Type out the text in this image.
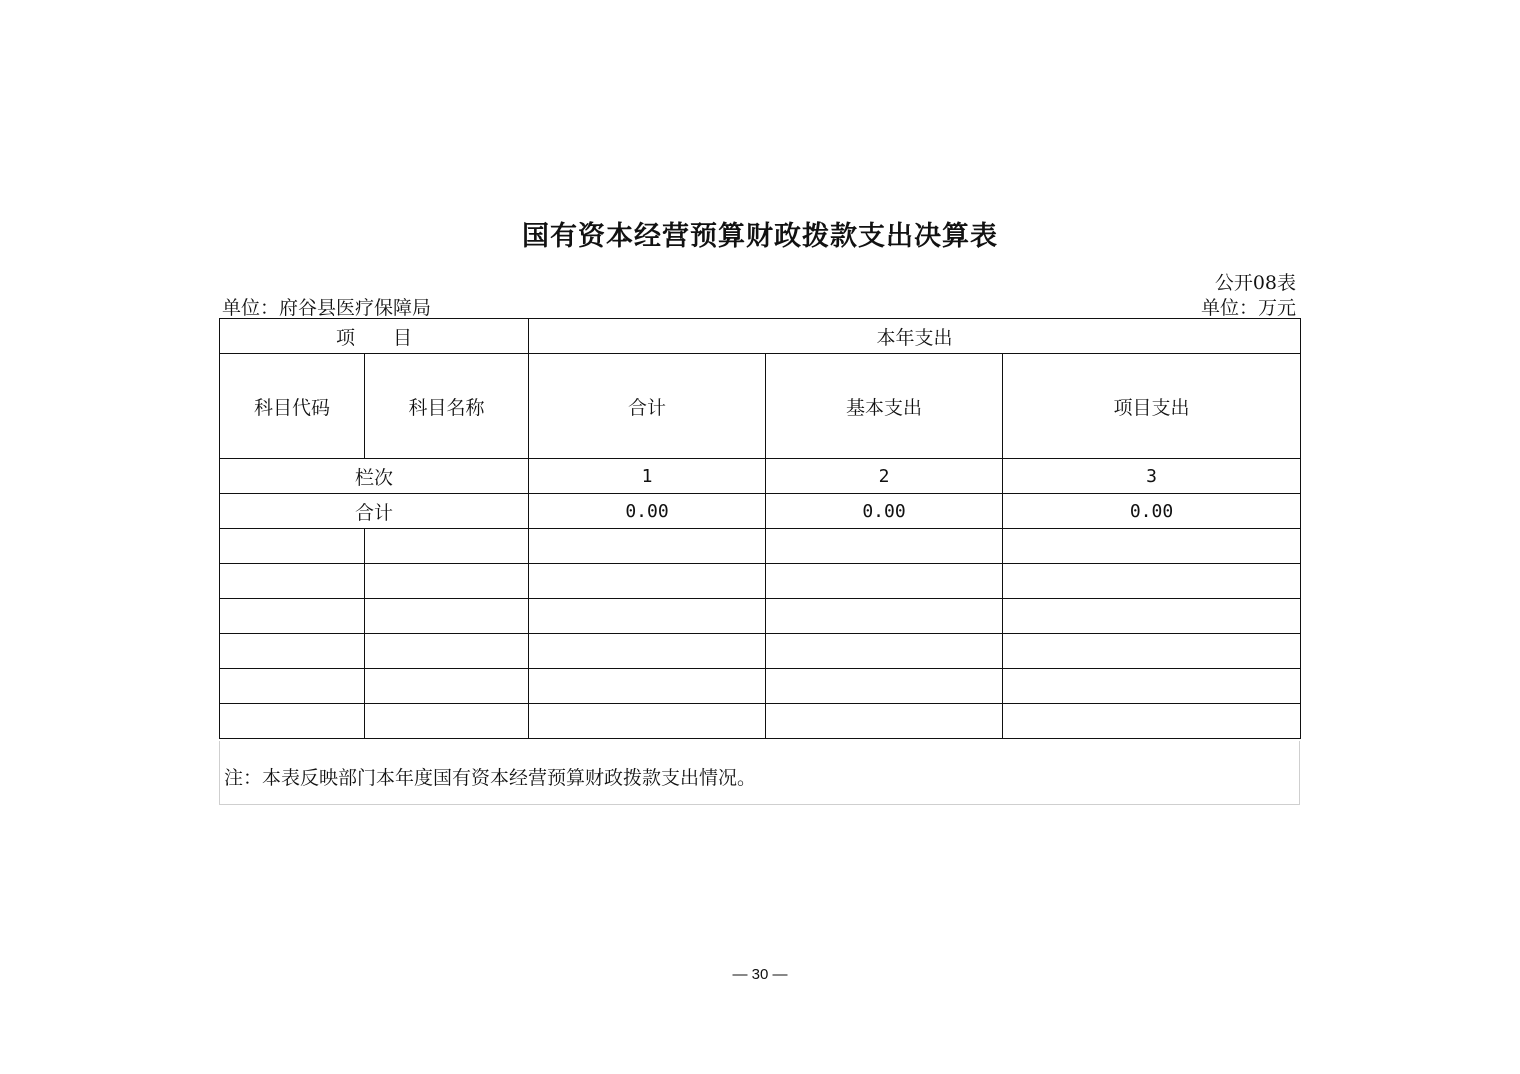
国有资本经营预算财政拨款支出决算表
公开08表
单位：府谷县医疗保障局	单位：万元
项　　目		本年支出		
科目代码	科目名称	合计	基本支出	项目支出
栏次		1	2	3
合计		0.00	0.00	0.00

注：本表反映部门本年度国有资本经营预算财政拨款支出情况。
— 30 —
